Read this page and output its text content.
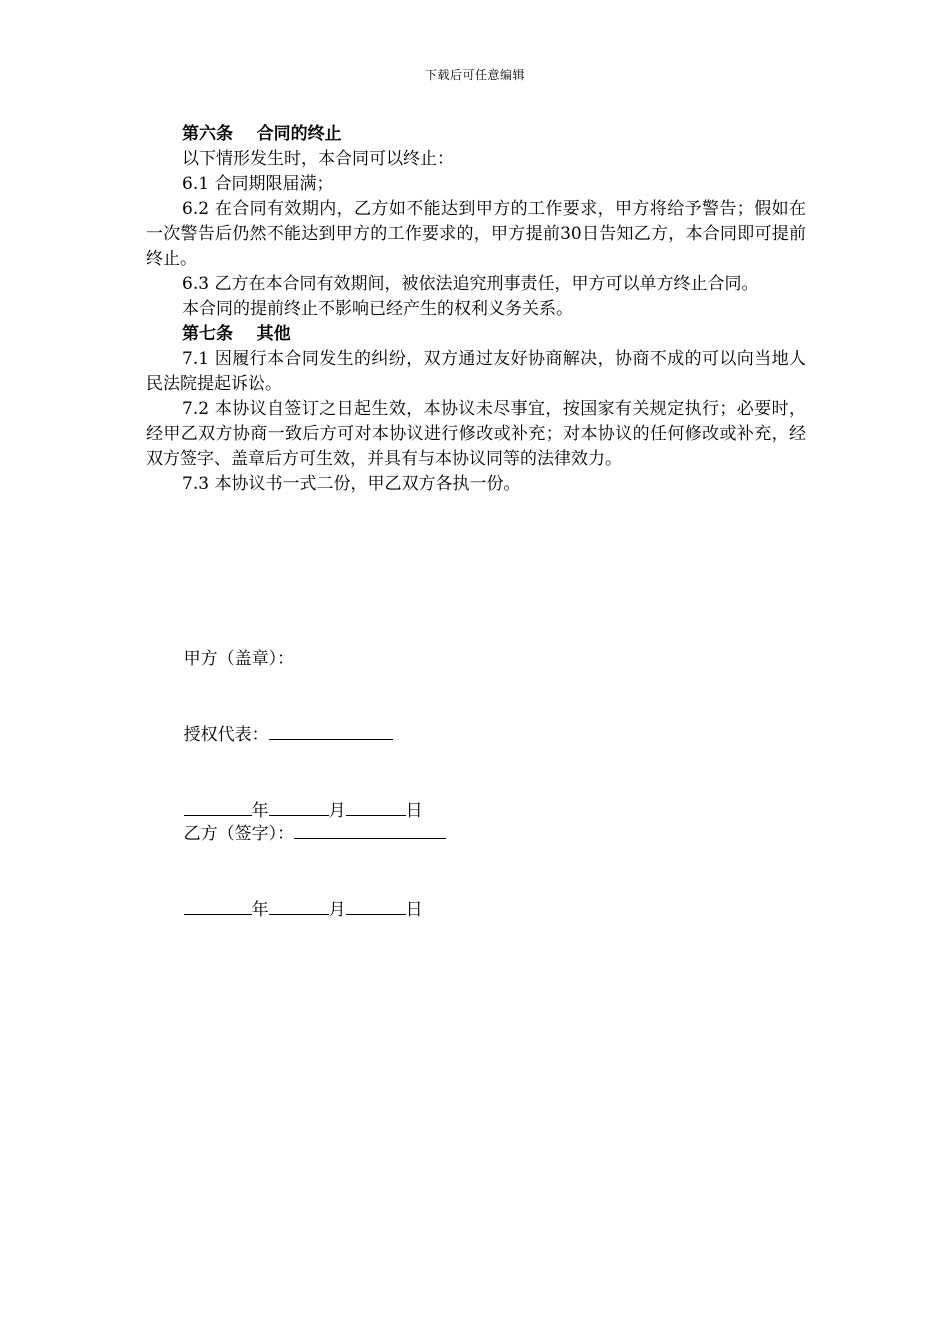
下载后可任意编辑

第六条    合同的终止

以下情形发生时，本合同可以终止：

6.1 合同期限届满；

6.2 在合同有效期内，乙方如不能达到甲方的工作要求，甲方将给予警告；假如在一次警告后仍然不能达到甲方的工作要求的，甲方提前30日告知乙方，本合同即可提前终止。

6.3 乙方在本合同有效期间，被依法追究刑事责任，甲方可以单方终止合同。

本合同的提前终止不影响已经产生的权利义务关系。

第七条    其他

7.1 因履行本合同发生的纠纷，双方通过友好协商解决，协商不成的可以向当地人民法院提起诉讼。

7.2 本协议自签订之日起生效，本协议未尽事宜，按国家有关规定执行；必要时，经甲乙双方协商一致后方可对本协议进行修改或补充；对本协议的任何修改或补充，经双方签字、盖章后方可生效，并具有与本协议同等的法律效力。

7.3 本协议书一式二份，甲乙双方各执一份。

甲方（盖章）：

授权代表：

年	月	日

乙方（签字）：

年	月	日
